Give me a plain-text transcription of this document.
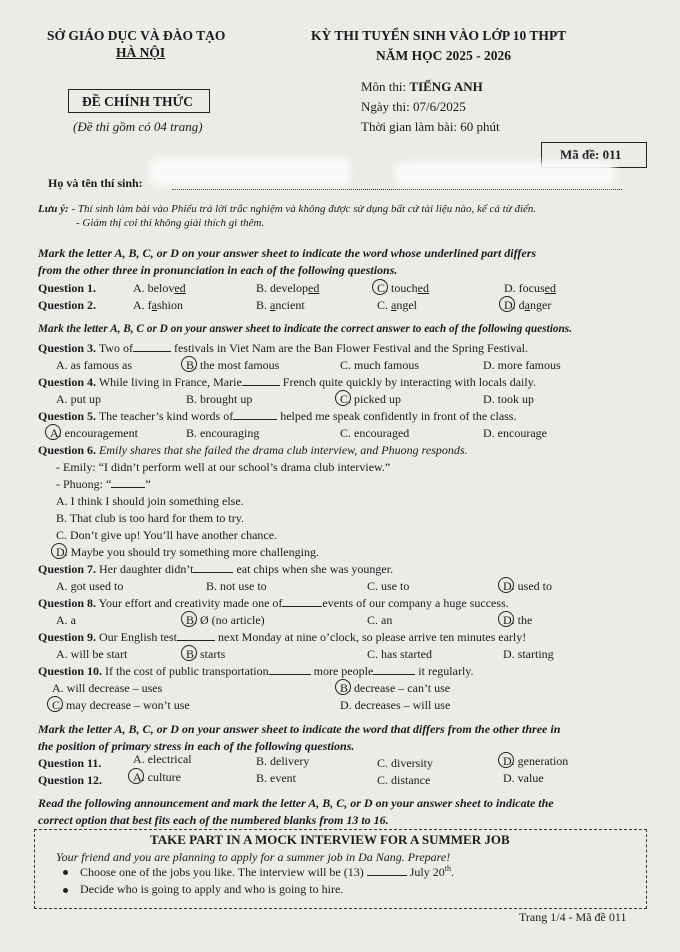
SỞ GIÁO DỤC VÀ ĐÀO TẠO
HÀ NỘI
ĐỀ CHÍNH THỨC
(Đề thi gồm có 04 trang)
KỲ THI TUYỂN SINH VÀO LỚP 10 THPT
NĂM HỌC 2025 - 2026
Môn thi: TIẾNG ANH
Ngày thi: 07/6/2025
Thời gian làm bài: 60 phút
Mã đề: 011
Họ và tên thí sinh:
Lưu ý: - Thí sinh làm bài vào Phiếu trả lời trắc nghiệm và không được sử dụng bất cứ tài liệu nào, kể cả từ điển.
- Giám thị coi thi không giải thích gì thêm.
Mark the letter A, B, C, or D on your answer sheet to indicate the word whose underlined part differs
from the other three in pronunciation in each of the following questions.
Question 1.	A. beloved	B. developed	C. touched	D. focused
Question 2.	A. fashion	B. ancient	C. angel	D. danger
Mark the letter A, B, C or D on your answer sheet to indicate the correct answer to each of the following questions.
Question 3. Two of	festivals in Viet Nam are the Ban Flower Festival and the Spring Festival.
A. as famous as	B. the most famous	C. much famous	D. more famous
Question 4. While living in France, Marie	French quite quickly by interacting with locals daily.
A. put up	B. brought up	C. picked up	D. took up
Question 5. The teacher’s kind words of	helped me speak confidently in front of the class.
A. encouragement	B. encouraging	C. encouraged	D. encourage
Question 6. Emily shares that she failed the drama club interview, and Phuong responds.
- Emily: “I didn’t perform well at our school’s drama club interview.”
- Phuong: “	”
A. I think I should join something else.
B. That club is too hard for them to try.
C. Don’t give up! You’ll have another chance.
D. Maybe you should try something more challenging.
Question 7. Her daughter didn’t	eat chips when she was younger.
A. got used to	B. not use to	C. use to	D. used to
Question 8. Your effort and creativity made one of	events of our company a huge success.
A. a	B. Ø (no article)	C. an	D. the
Question 9. Our English test	next Monday at nine o’clock, so please arrive ten minutes early!
A. will be start	B. starts	C. has started	D. starting
Question 10. If the cost of public transportation	more people	it regularly.
A. will decrease – uses	B. decrease – can’t use
C. may decrease – won’t use	D. decreases – will use
Mark the letter A, B, C, or D on your answer sheet to indicate the word that differs from the other three in
the position of primary stress in each of the following questions.
Question 11.	A. electrical	B. delivery	C. diversity	D. generation
Question 12.	A. culture	B. event	C. distance	D. value
Read the following announcement and mark the letter A, B, C, or D on your answer sheet to indicate the
correct option that best fits each of the numbered blanks from 13 to 16.
TAKE PART IN A MOCK INTERVIEW FOR A SUMMER JOB
Your friend and you are planning to apply for a summer job in Da Nang. Prepare!
Choose one of the jobs you like. The interview will be (13)	July 20th.
Decide who is going to apply and who is going to hire.
Trang 1/4 - Mã đề 011
